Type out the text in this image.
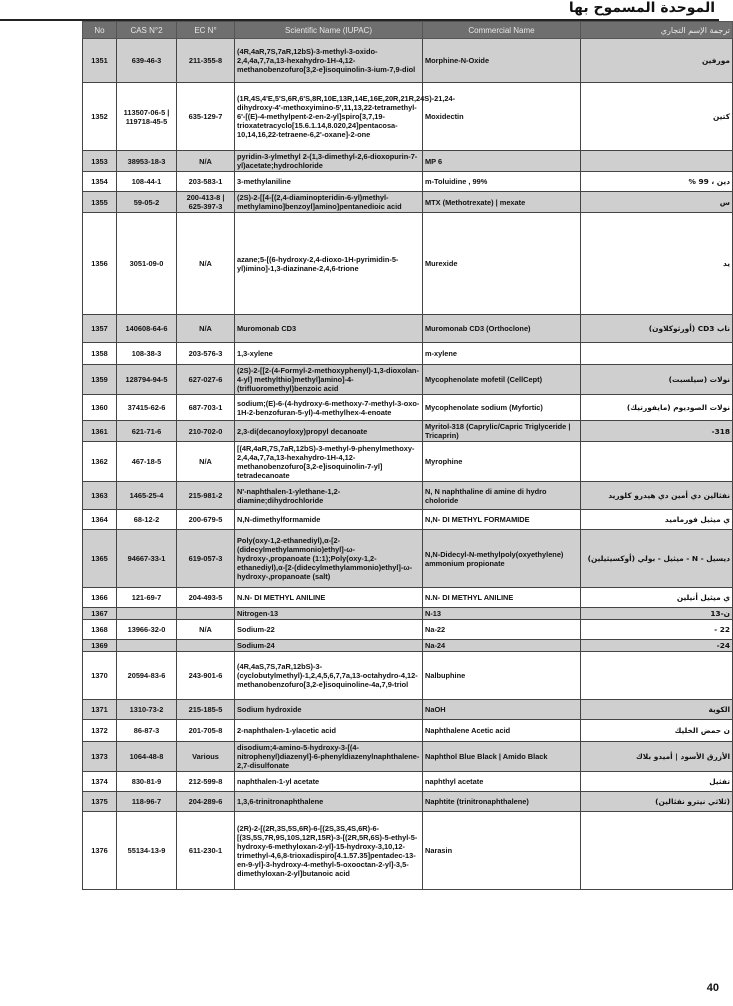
الموحدة المسموح بها
No	CAS N°2	EC N°	Scientific Name (IUPAC)	Commercial Name	ترجمة الإسم التجاري
1351	639-46-3	211-355-8	(4R,4aR,7S,7aR,12bS)-3-methyl-3-oxido-2,4,4a,7,7a,13-hexahydro-1H-4,12-methanobenzofuro[3,2-e]isoquinolin-3-ium-7,9-diol	Morphine-N-Oxide	مورفين
1352	113507-06-5 | 119718-45-5	635-129-7	(1R,4S,4'E,5'S,6R,6'S,8R,10E,13R,14E,16E,20R,21R,24S)-21,24-dihydroxy-4'-methoxyimino-5',11,13,22-tetramethyl-6'-[(E)-4-methylpent-2-en-2-yl]spiro[3,7,19-trioxatetracyclo[15.6.1.14,8.020,24]pentacosa-10,14,16,22-tetraene-6,2'-oxane]-2-one	Moxidectin	كتين
1353	38953-18-3	N/A	pyridin-3-ylmethyl 2-(1,3-dimethyl-2,6-dioxopurin-7-yl)acetate;hydrochloride	MP 6	
1354	108-44-1	203-583-1	3-methylaniline	m-Toluidine , 99%	دين ، 99 %
1355	59-05-2	200-413-8 | 625-397-3	(2S)-2-[[4-[(2,4-diaminopteridin-6-yl)methyl-methylamino]benzoyl]amino]pentanedioic acid	MTX (Methotrexate) | mexate	س
1356	3051-09-0	N/A	azane;5-[(6-hydroxy-2,4-dioxo-1H-pyrimidin-5-yl)imino]-1,3-diazinane-2,4,6-trione	Murexide	يد
1357	140608-64-6	N/A	Muromonab CD3	Muromonab CD3 (Orthoclone)	ناب CD3 (أورثوكلاون)
1358	108-38-3	203-576-3	1,3-xylene	m-xylene	
1359	128794-94-5	627-027-6	(2S)-2-[[2-(4-Formyl-2-methoxyphenyl)-1,3-dioxolan-4-yl] methylthio]methyl]amino]-4-(trifluoromethyl)benzoic acid	Mycophenolate mofetil (CellCept)	نولات (سيلسبت)
1360	37415-62-6	687-703-1	sodium;(E)-6-(4-hydroxy-6-methoxy-7-methyl-3-oxo-1H-2-benzofuran-5-yl)-4-methylhex-4-enoate	Mycophenolate sodium (Myfortic)	نولات الصوديوم (مايفورتيك)
1361	621-71-6	210-702-0	2,3-di(decanoyloxy)propyl decanoate	Myritol-318 (Caprylic/Capric Triglyceride | Tricaprin)	318-
1362	467-18-5	N/A	[(4R,4aR,7S,7aR,12bS)-3-methyl-9-phenylmethoxy-2,4,4a,7,7a,13-hexahydro-1H-4,12-methanobenzofuro[3,2-e]isoquinolin-7-yl] tetradecanoate	Myrophine	
1363	1465-25-4	215-981-2	N'-naphthalen-1-ylethane-1,2-diamine;dihydrochloride	N, N naphthaline di amine di hydro choloride	نفثالين دي أمين دي هيدرو كلوريد
1364	68-12-2	200-679-5	N,N-dimethylformamide	N,N- DI METHYL FORMAMIDE	ي ميثيل فورماميد
1365	94667-33-1	619-057-3	Poly(oxy-1,2-ethanediyl),α-[2-(didecylmethylammonio)ethyl]-ω-hydroxy-,propanoate (1:1);Poly(oxy-1,2-ethanediyl),α-[2-(didecylmethylammonio)ethyl]-ω-hydroxy-,propanoate (salt)	N,N-Didecyl-N-methylpoly(oxyethylene) ammonium propionate	ديسيل - N - ميثيل - بولي (أوكسيثيلين)
1366	121-69-7	204-493-5	N.N- DI METHYL ANILINE	N.N- DI METHYL ANILINE	ي ميثيل أنيلين
1367			Nitrogen-13	N-13	ن-13
1368	13966-32-0	N/A	Sodium-22	Na-22	22 -
1369			Sodium-24	Na-24	24-
1370	20594-83-6	243-901-6	(4R,4aS,7S,7aR,12bS)-3-(cyclobutylmethyl)-1,2,4,5,6,7,7a,13-octahydro-4,12-methanobenzofuro[3,2-e]isoquinoline-4a,7,9-triol	Nalbuphine	
1371	1310-73-2	215-185-5	Sodium hydroxide	NaOH	الكوية
1372	86-87-3	201-705-8	2-naphthalen-1-ylacetic acid	Naphthalene Acetic acid	ن حمض الخليك
1373	1064-48-8	Various	disodium;4-amino-5-hydroxy-3-[(4-nitrophenyl)diazenyl]-6-phenyldiazenylnaphthalene-2,7-disulfonate	Naphthol Blue Black | Amido Black	الأزرق الأسود | أميدو بلاك
1374	830-81-9	212-599-8	naphthalen-1-yl acetate	naphthyl acetate	تفثيل
1375	118-96-7	204-289-6	1,3,6-trinitronaphthalene	Naphtite (trinitronaphthalene)	(ثلاثي نيترو نفثالين)
1376	55134-13-9	611-230-1	(2R)-2-[(2R,3S,5S,6R)-6-[(2S,3S,4S,6R)-6-[(3S,5S,7R,9S,10S,12R,15R)-3-[(2R,5R,6S)-5-ethyl-5-hydroxy-6-methyloxan-2-yl]-15-hydroxy-3,10,12-trimethyl-4,6,8-trioxadispiro[4.1.57.35]pentadec-13-en-9-yl]-3-hydroxy-4-methyl-5-oxooctan-2-yl]-3,5-dimethyloxan-2-yl]butanoic acid	Narasin	
40
